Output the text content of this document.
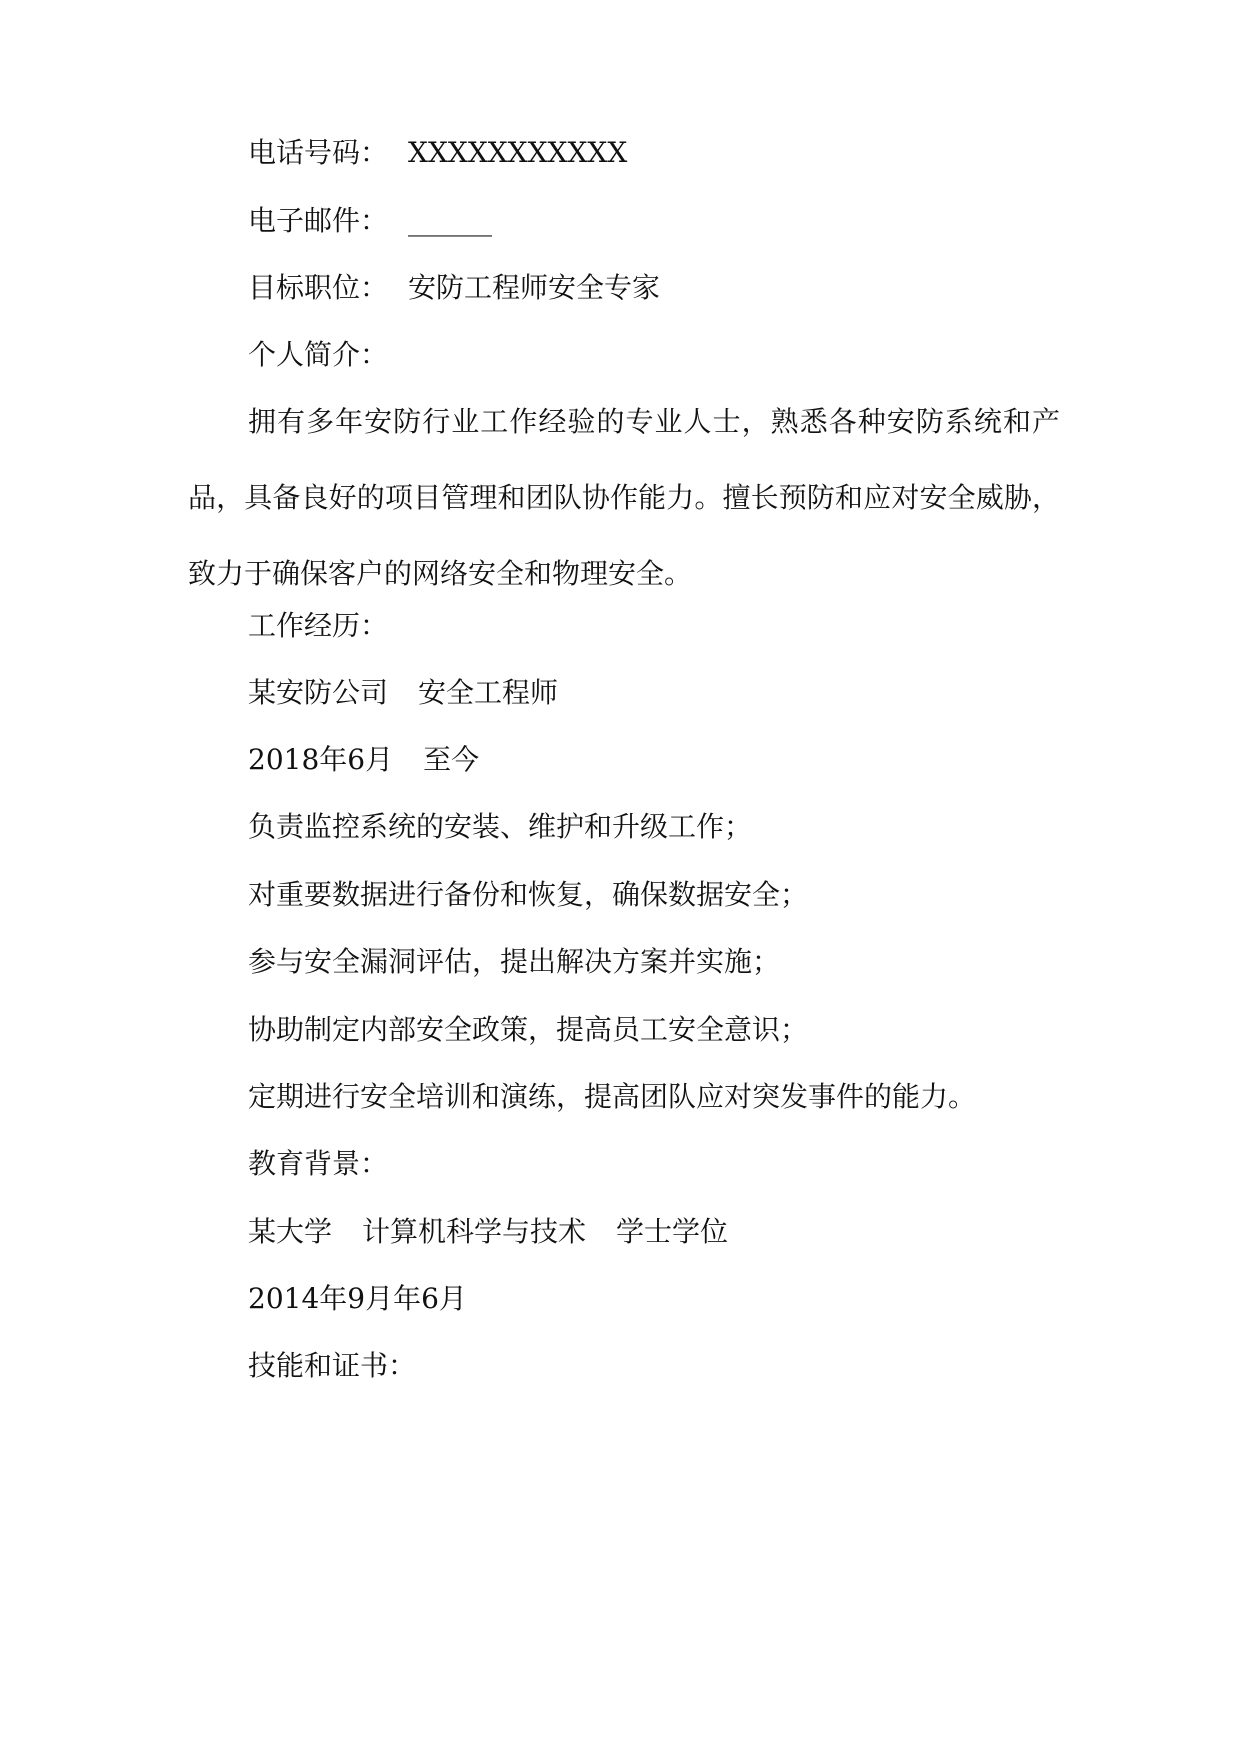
电话号码： XXXXXXXXXXX
电子邮件： ______
目标职位： 安防工程师安全专家
个人简介：
拥有多年安防行业工作经验的专业人士，熟悉各种安防系统和产品，具备良好的项目管理和团队协作能力。擅长预防和应对安全威胁，致力于确保客户的网络安全和物理安全。
工作经历：
某安防公司 安全工程师
2018年6月 至今
负责监控系统的安装、维护和升级工作；
对重要数据进行备份和恢复，确保数据安全；
参与安全漏洞评估，提出解决方案并实施；
协助制定内部安全政策，提高员工安全意识；
定期进行安全培训和演练，提高团队应对突发事件的能力。
教育背景：
某大学 计算机科学与技术 学士学位
2014年9月年6月
技能和证书：
